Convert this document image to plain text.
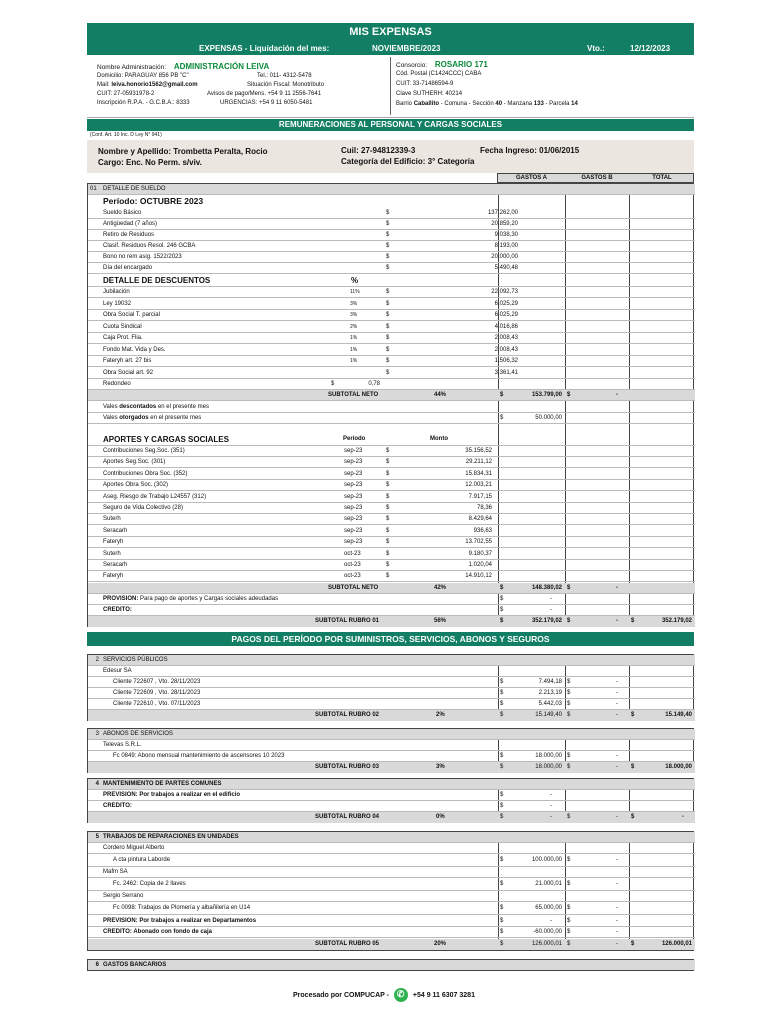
MIS EXPENSAS
EXPENSAS - Liquidación del mes:	NOVIEMBRE/2023	Vto.:	12/12/2023
Nombre Administración: ADMINISTRACIÓN LEIVA
Domicilio: PARAGUAY 856 PB "C"	Tel.: 011- 4312-5478
Mail: leiva.honorio1562@gmail.com	Situación Fiscal: Monotributo
CUIT: 27-05931978-2	Avisos de pago/Mens. +54 9 11 2556-7641
Inscripción R.P.A. - G.C.B.A.: 8333	URGENCIAS: +54 9 11 6050-5481
Consorcio: ROSARIO 171
Cód. Postal (C1424CCC) CABA
CUIT: 33-71486594-9
Clave SUTHERH: 40214
Barrio Caballito - Comuna - Sección 40 - Manzana 133 - Parcela 14
REMUNERACIONES AL PERSONAL Y CARGAS SOCIALES
(Conf. Art. 10 Inc. D Ley N° 941)
Nombre y Apellido: Trombetta Peralta, Rocio
Cargo: Enc. No Perm. s/viv.
Cuil: 27-94812339-3
Categoría del Edificio: 3° Categoría
Fecha Ingreso: 01/06/2015
GASTOS A	GASTOS B	TOTAL
01 DETALLE DE SUELDO
Período: OCTUBRE 2023
Sueldo Básico	$	137.262,00
Antigüedad (7 años)	$	20.859,20
Retiro de Residuos	$	9.038,30
Clasif. Residuos Resol. 246 GCBA	$	8.193,00
Bono no rem asig. 1522/2023	$	20.000,00
Día del encargado	$	5.490,48
DETALLE DE DESCUENTOS	%
Jubilación	11%	$	22.092,73
Ley 19032	3%	$	6.025,29
Obra Social T. parcial	3%	$	6.025,29
Cuota Sindical	2%	$	4.016,86
Caja Prot. Flia.	1%	$	2.008,43
Fondo Mat. Vida y Des.	1%	$	2.008,43
Fateryh art. 27 bis	1%	$	1.506,32
Obra Social art. 92	$	3.361,41
Redondeo	$	0,78
SUBTOTAL NETO	44%	$	153.799,00 $	-
Vales descontados en el presente mes
Vales otorgados en el presente mes	$	50.000,00
APORTES Y CARGAS SOCIALES	Período	Monto
Contribuciones Seg.Soc. (351)	sep-23	$	35.156,52
Aportes Seg.Soc. (301)	sep-23	$	29.211,12
Contribuciones Obra Soc. (352)	sep-23	$	15.834,31
Aportes Obra Soc. (302)	sep-23	$	12.003,21
Aseg. Riesgo de Trabajo L24557 (312)	sep-23	$	7.917,15
Seguro de Vida Colectivo (28)	sep-23	$	78,36
Suterh	sep-23	$	8.429,64
Seracarh	sep-23	$	936,63
Fateryh	sep-23	$	13.702,55
Suterh	oct-23	$	9.180,37
Seracarh	oct-23	$	1.020,04
Fateryh	oct-23	$	14.910,12
SUBTOTAL NETO	42%	$	148.380,02 $	-
PROVISION: Para pago de aportes y Cargas sociales adeudadas	$	-
CREDITO:	$	-
SUBTOTAL RUBRO 01	56%	$	352.179,02 $	- $	352.179,02
PAGOS DEL PERÍODO POR SUMINISTROS, SERVICIOS, ABONOS Y SEGUROS
2 SERVICIOS PÚBLICOS
Edesur SA
Cliente 722607 , Vto. 28/11/2023	$	7.494,18 $	-
Cliente 722609 , Vto. 28/11/2023	$	2.213,19 $	-
Cliente 722610 , Vto. 07/11/2023	$	5.442,03 $	-
SUBTOTAL RUBRO 02	2%	$	15.149,40 $	- $	15.149,40
3 ABONOS DE SERVICIOS
Televas S.R.L.
Fc 0849: Abono mensual mantenimiento de ascensores 10 2023	$	18.000,00 $	-
SUBTOTAL RUBRO 03	3%	$	18.000,00 $	- $	18.000,00
4 MANTENIMIENTO DE PARTES COMUNES
PREVISION: Por trabajos a realizar en el edificio	$	-
CREDITO:	$	-
SUBTOTAL RUBRO 04	0%	$	-	$	- $	-
5 TRABAJOS DE REPARACIONES EN UNIDADES
Cordero Miguel Alberto
A cta pintura Laborde	$	100.000,00 $	-
Mafm SA
Fc. 2462: Copia de 2 llaves	$	21.000,01 $	-
Sergio Serrano
Fc 0098: Trabajos de Plomería y albañilería en U14	$	65.000,00 $	-
PREVISION: Por trabajos a realizar en Departamentos	$	-	$	-
CREDITO: Abonado con fondo de caja	$	-60.000,00 $	-
SUBTOTAL RUBRO 05	20%	$	126.000,01 $	- $	126.000,01
6 GASTOS BANCARIOS
Procesado por COMPUCAP - ✆	+54 9 11 6307 3281
